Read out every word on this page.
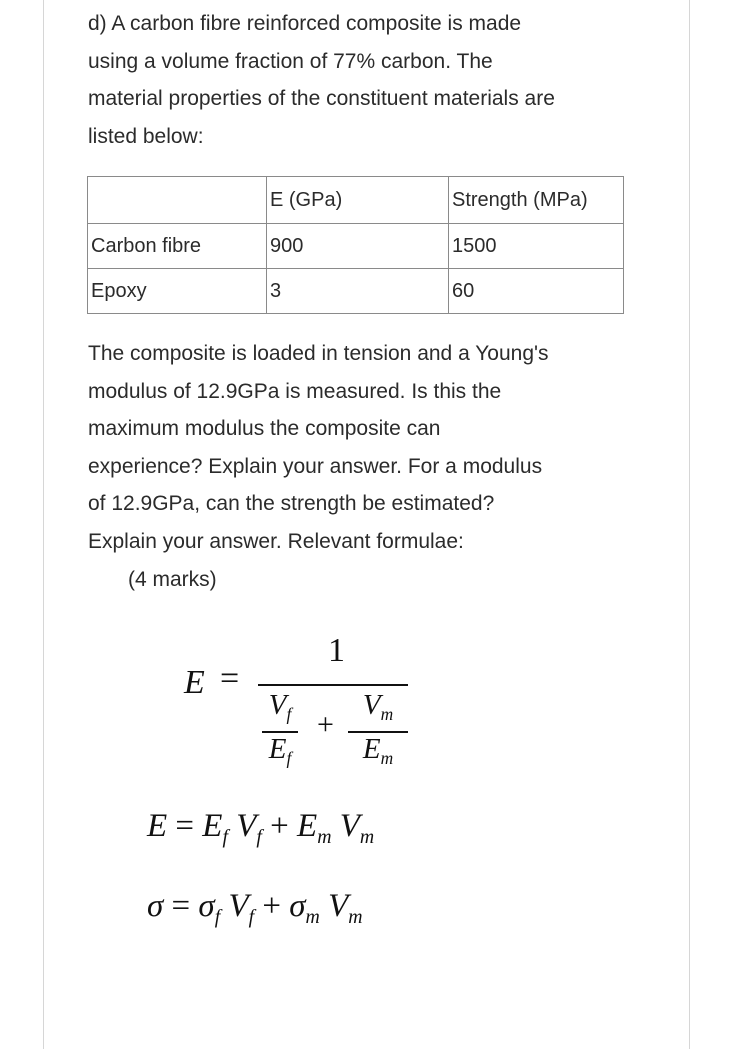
d) A carbon fibre reinforced composite is made
using a volume fraction of 77% carbon. The
material properties of the constituent materials are
listed below:

	E (GPa)	Strength (MPa)
Carbon fibre	900	1500
Epoxy	3	60

The composite is loaded in tension and a Young's
modulus of 12.9GPa is measured. Is this the
maximum modulus the composite can
experience? Explain your answer. For a modulus
of 12.9GPa, can the strength be estimated?
Explain your answer. Relevant formulae:

(4 marks)
E =
1
$V_f$
$E_f$
+
$V_m$
$E_m$
$E = E_f$ $V_f + E_m$ $V_m$
$\sigma = \sigma_f$ $V_f + \sigma_m$ $V_m$
